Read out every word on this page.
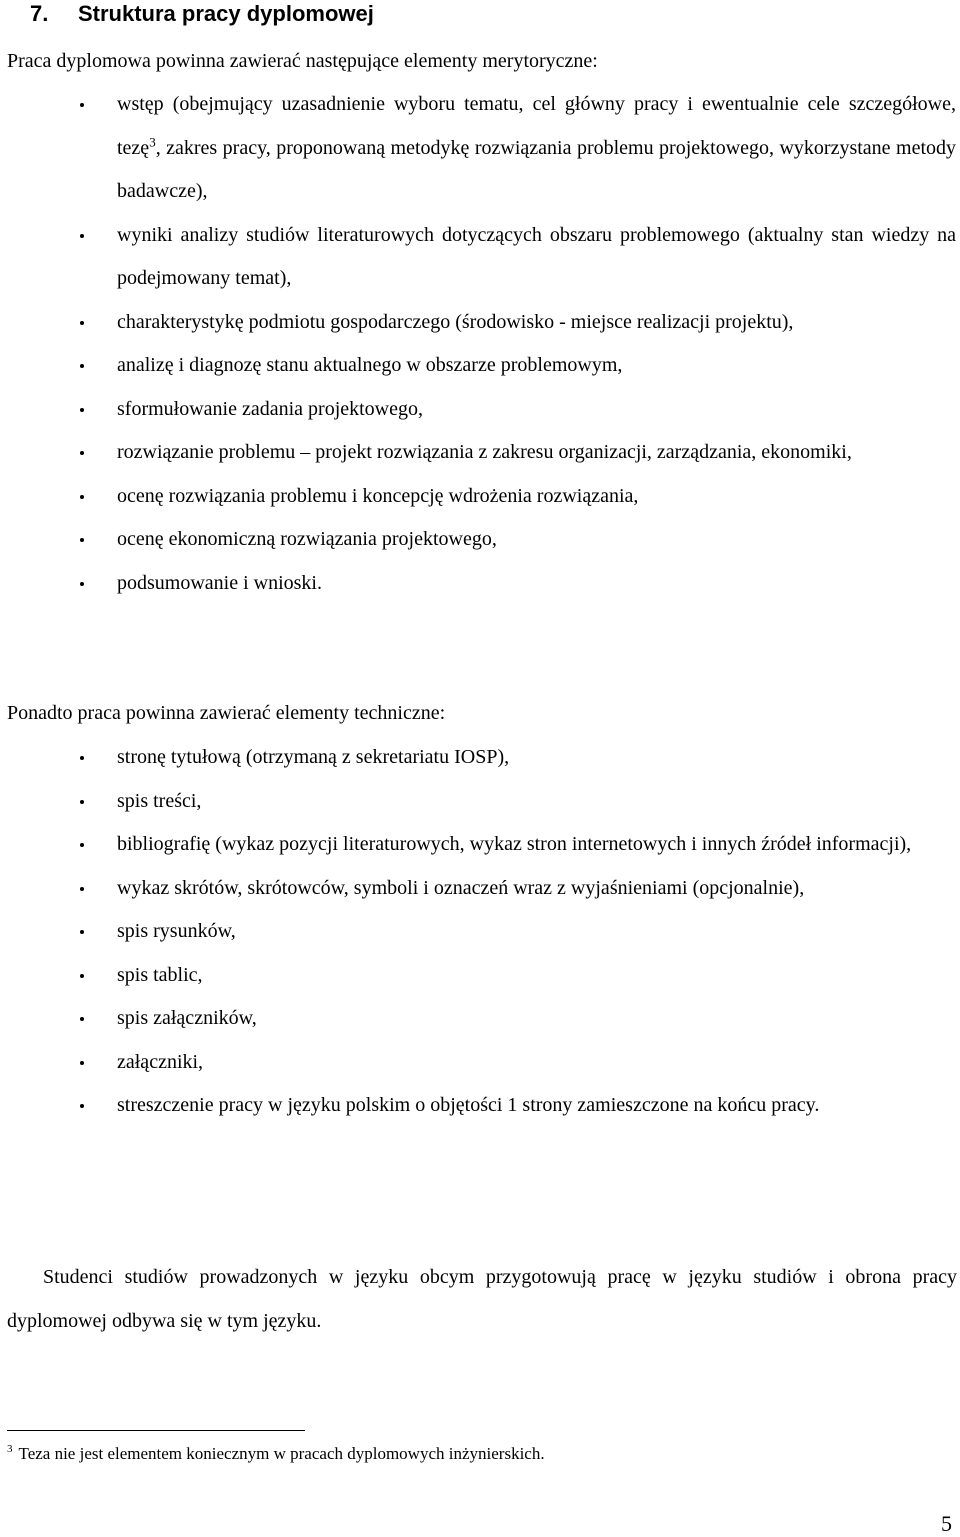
7. Struktura pracy dyplomowej
Praca dyplomowa powinna zawierać następujące elementy merytoryczne:
wstęp (obejmujący uzasadnienie wyboru tematu, cel główny pracy i ewentualnie cele szczegółowe, tezę$^3$, zakres pracy, proponowaną metodykę rozwiązania problemu projektowego, wykorzystane metody badawcze),
wyniki analizy studiów literaturowych dotyczących obszaru problemowego (aktualny stan wiedzy na podejmowany temat),
charakterystykę podmiotu gospodarczego (środowisko - miejsce realizacji projektu),
analizę i diagnozę stanu aktualnego w obszarze problemowym,
sformułowanie zadania projektowego,
rozwiązanie problemu – projekt rozwiązania z zakresu organizacji, zarządzania, ekonomiki,
ocenę rozwiązania problemu i koncepcję wdrożenia rozwiązania,
ocenę ekonomiczną rozwiązania projektowego,
podsumowanie i wnioski.
Ponadto praca powinna zawierać elementy techniczne:
stronę tytułową (otrzymaną z sekretariatu IOSP),
spis treści,
bibliografię (wykaz pozycji literaturowych, wykaz stron internetowych i innych źródeł informacji),
wykaz skrótów, skrótowców, symboli i oznaczeń wraz z wyjaśnieniami (opcjonalnie),
spis rysunków,
spis tablic,
spis załączników,
załączniki,
streszczenie pracy w języku polskim o objętości 1 strony zamieszczone na końcu pracy.
Studenci studiów prowadzonych w języku obcym przygotowują pracę w języku studiów i obrona pracy dyplomowej odbywa się w tym języku.
$^3$ Teza nie jest elementem koniecznym w pracach dyplomowych inżynierskich.
5
